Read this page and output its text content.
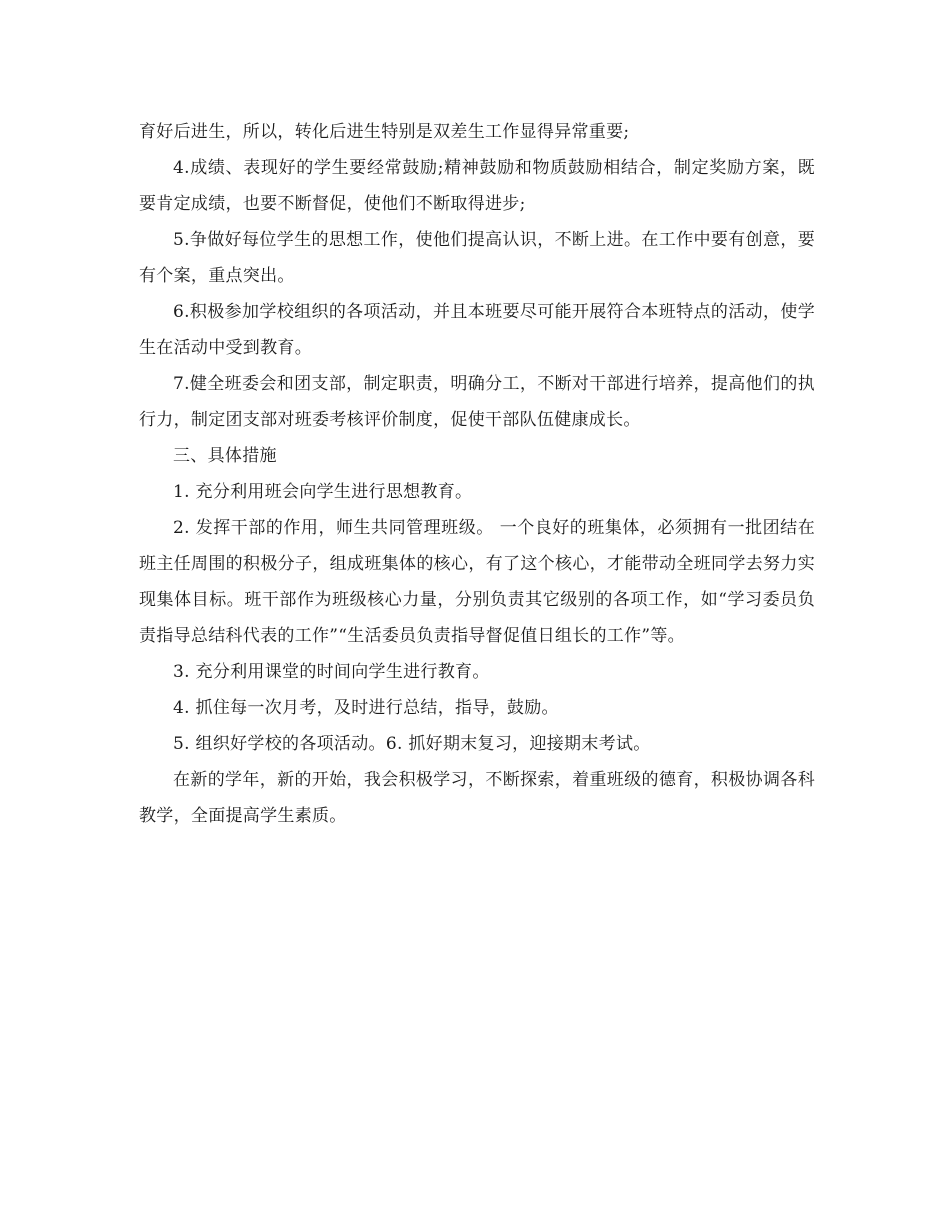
育好后进生，所以，转化后进生特别是双差生工作显得异常重要;

4.成绩、表现好的学生要经常鼓励;精神鼓励和物质鼓励相结合，制定奖励方案，既要肯定成绩，也要不断督促，使他们不断取得进步;

5.争做好每位学生的思想工作，使他们提高认识，不断上进。在工作中要有创意，要有个案，重点突出。

6.积极参加学校组织的各项活动，并且本班要尽可能开展符合本班特点的活动，使学生在活动中受到教育。

7.健全班委会和团支部，制定职责，明确分工，不断对干部进行培养，提高他们的执行力，制定团支部对班委考核评价制度，促使干部队伍健康成长。

三、具体措施

1. 充分利用班会向学生进行思想教育。

2. 发挥干部的作用，师生共同管理班级。 一个良好的班集体，必须拥有一批团结在班主任周围的积极分子，组成班集体的核心，有了这个核心，才能带动全班同学去努力实现集体目标。班干部作为班级核心力量，分别负责其它级别的各项工作，如“学习委员负责指导总结科代表的工作”“生活委员负责指导督促值日组长的工作”等。

3. 充分利用课堂的时间向学生进行教育。

4. 抓住每一次月考，及时进行总结，指导，鼓励。

5. 组织好学校的各项活动。6. 抓好期末复习，迎接期末考试。

在新的学年，新的开始，我会积极学习，不断探索，着重班级的德育，积极协调各科教学，全面提高学生素质。
